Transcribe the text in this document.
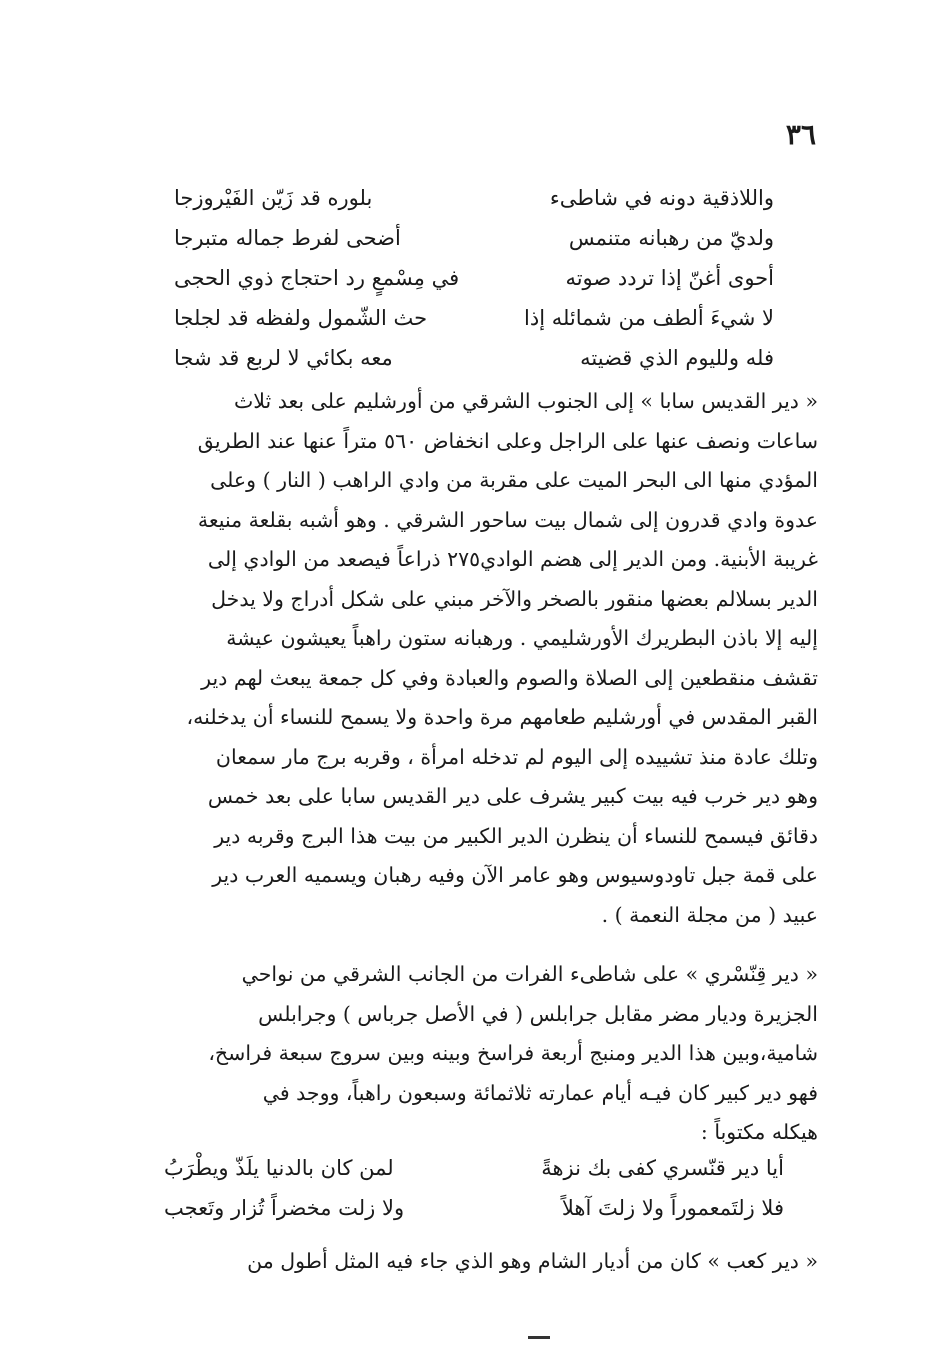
٣٦
واللاذقية دونه في شاطىء
بلوره قد زَيّن الفَيْروزجا
ولديّ من رهبانه متنمس
أضحى لفرط جماله متبرجا
أحوى أغنّ إذا تردد صوته
في مِسْمعٍ رد احتجاج ذوي الحجى
لا شيءَ ألطف من شمائله إذا
حث الشّمول ولفظه قد لجلجا
فله ولليوم الذي قضيته
معه بكائي لا لربع قد شجا
« دير القديس سابا » إلى الجنوب الشرقي من أورشليم على بعد ثلاث
ساعات ونصف عنها على الراجل وعلى انخفاض ٥٦٠ متراً عنها عند الطريق
المؤدي منها الى البحر الميت على مقربة من وادي الراهب ( النار ) وعلى
عدوة وادي قدرون إلى شمال بيت ساحور الشرقي . وهو أشبه بقلعة منيعة
غريبة الأبنية. ومن الدير إلى هضم الوادي٢٧٥ ذراعاً فيصعد من الوادي إلى
الدير بسلالم بعضها منقور بالصخر والآخر مبني على شكل أدراج ولا يدخل
إليه إلا باذن البطريرك الأورشليمي . ورهبانه ستون راهباً يعيشون عيشة
تقشف منقطعين إلى الصلاة والصوم والعبادة وفي كل جمعة يبعث لهم دير
القبر المقدس في أورشليم طعامهم مرة واحدة ولا يسمح للنساء أن يدخلنه،
وتلك عادة منذ تشييده إلى اليوم لم تدخله امرأة ، وقربه برج مار سمعان
وهو دير خرب فيه بيت كبير يشرف على دير القديس سابا على بعد خمس
دقائق فيسمح للنساء أن ينظرن الدير الكبير من بيت هذا البرج وقربه دير
على قمة جبل تاودوسيوس وهو عامر الآن وفيه رهبان ويسميه العرب دير
عبيد ( من مجلة النعمة ) .
« دير قِنّسْري » على شاطىء الفرات من الجانب الشرقي من نواحي
الجزيرة وديار مضر مقابل جرابلس ( في الأصل جرباس ) وجرابلس
شامية،وبين هذا الدير ومنبج أربعة فراسخ وبينه وبين سروج سبعة فراسخ،
فهو دير كبير كان فيـه أيام عمارته ثلاثمائة وسبعون راهباً، ووجد في
هيكله مكتوباً :
أيا دير قنّسري كفى بك نزهةً
لمن كان بالدنيا يلَذّ ويطْرَبُ
فلا زلتَمعموراً ولا زلتَ آهلاً
ولا زلت مخضراً تُزار وتَعجب
« دير كعب » كان من أديار الشام وهو الذي جاء فيه المثل أطول من
